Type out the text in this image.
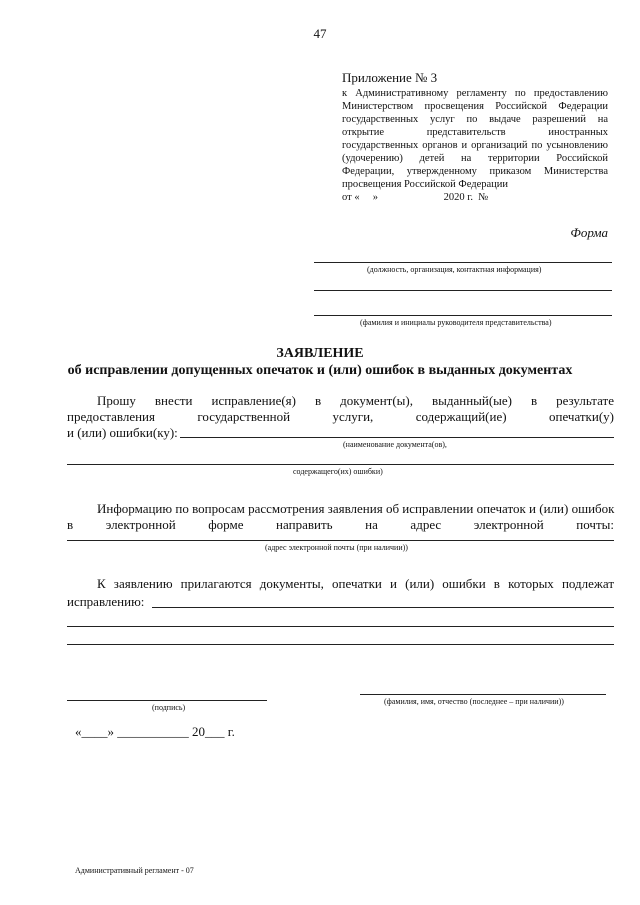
47
Приложение № 3
к Административному регламенту по предоставлению
Министерством просвещения Российской Федерации
государственных услуг по выдаче разрешений на
открытие представительств иностранных
государственных органов и организаций по усыновлению
(удочерению) детей на территории Российской
Федерации, утвержденному приказом Министерства
просвещения Российской Федерации
от «     »                         2020 г.  №
Форма
(должность, организация, контактная информация)
(фамилия и инициалы руководителя представительства)
ЗАЯВЛЕНИЕ
об исправлении допущенных опечаток и (или) ошибок в выданных документах
Прошу внести исправление(я) в документ(ы), выданный(ые) в результате
предоставления государственной услуги, содержащий(ие) опечатки(у)
и (или) ошибки(ку):
(наименование документа(ов),
содержащего(их) ошибки)
Информацию по вопросам рассмотрения заявления об исправлении опечаток и (или) ошибок
в электронной форме направить на адрес электронной почты:
(адрес электронной почты (при наличии))
К заявлению прилагаются документы, опечатки и (или) ошибки в которых подлежат
исправлению:
(подпись)
(фамилия, имя, отчество (последнее – при наличии))
«____» ___________ 20___ г.
Административный регламент - 07
